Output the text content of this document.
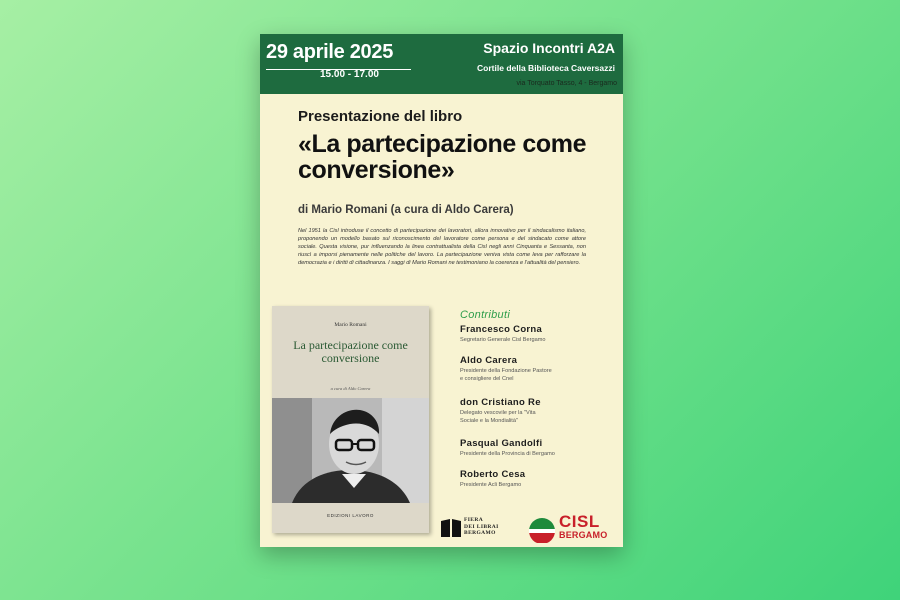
29 aprile 2025
15.00 - 17.00
Spazio Incontri A2A
Cortile della Biblioteca Caversazzi
via Torquato Tasso, 4 - Bergamo
Presentazione del libro
«La partecipazione come conversione»
di Mario Romani (a cura di Aldo Carera)
Nel 1951 la Cisl introduse il concetto di partecipazione dei lavoratori, allora innovativo per il sindacalismo italiano, proponendo un modello basato sul riconoscimento del lavoratore come persona e del sindacato come attore sociale. Questa visione, pur influenzando la linea contrattualista della Cisl negli anni Cinquanta e Sessanta, non riuscì a imporsi pienamente nelle politiche del lavoro. La partecipazione veniva vista come leva per rafforzare la democrazia e i diritti di cittadinanza. I saggi di Mario Romani ne testimoniano la coerenza e l'attualità del pensiero.
Mario Romani
La partecipazione come conversione
a cura di Aldo Carera
EDIZIONI LAVORO
Contributi
Francesco Corna
Segretario Generale Cisl Bergamo
Aldo Carera
Presidente della Fondazione Pastore e consigliere del Cnel
don Cristiano Re
Delegato vescovile per la "Vita Sociale e la Mondialità"
Pasqual Gandolfi
Presidente della Provincia di Bergamo
Roberto Cesa
Presidente Acli Bergamo
FIERA
DEI LIBRAI
BERGAMO
CISL
BERGAMO
